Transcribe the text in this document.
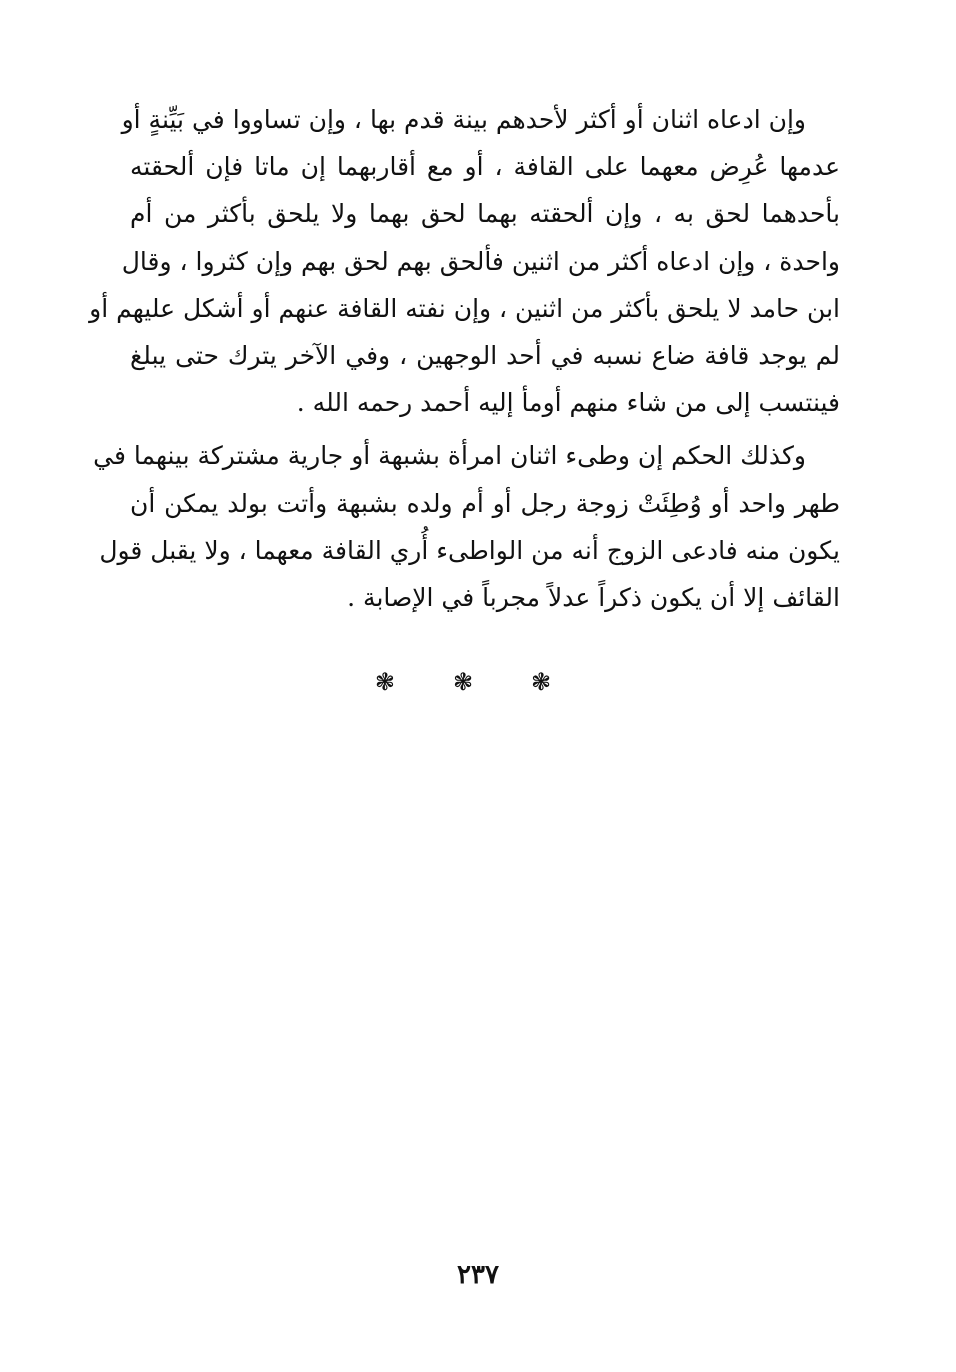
وإن ادعاه اثنان أو أكثر لأحدهم بينة قدم بها ، وإن تساووا في بَيِّنةٍ أو
عدمها عُرِض معهما على القافة ، أو مع أقاربهما إن ماتا فإن ألحقته
بأحدهما لحق به ، وإن ألحقته بهما لحق بهما ولا يلحق بأكثر من أم
واحدة ، وإن ادعاه أكثر من اثنين فألحق بهم لحق بهم وإن كثروا ، وقال
ابن حامد لا يلحق بأكثر من اثنين ، وإن نفته القافة عنهم أو أشكل عليهم أو
لم يوجد قافة ضاع نسبه في أحد الوجهين ، وفي الآخر يترك حتى يبلغ
فينتسب إلى من شاء منهم أومأ إليه أحمد رحمه الله .
وكذلك الحكم إن وطىء اثنان امرأة بشبهة أو جارية مشتركة بينهما في
طهر واحد أو وُطِئَتْ زوجة رجل أو أم ولده بشبهة وأتت بولد يمكن أن
يكون منه فادعى الزوج أنه من الواطىء أُري القافة معهما ، ولا يقبل قول
القائف إلا أن يكون ذكراً عدلاً مجرباً في الإصابة .
❃❃❃
٢٣٧
